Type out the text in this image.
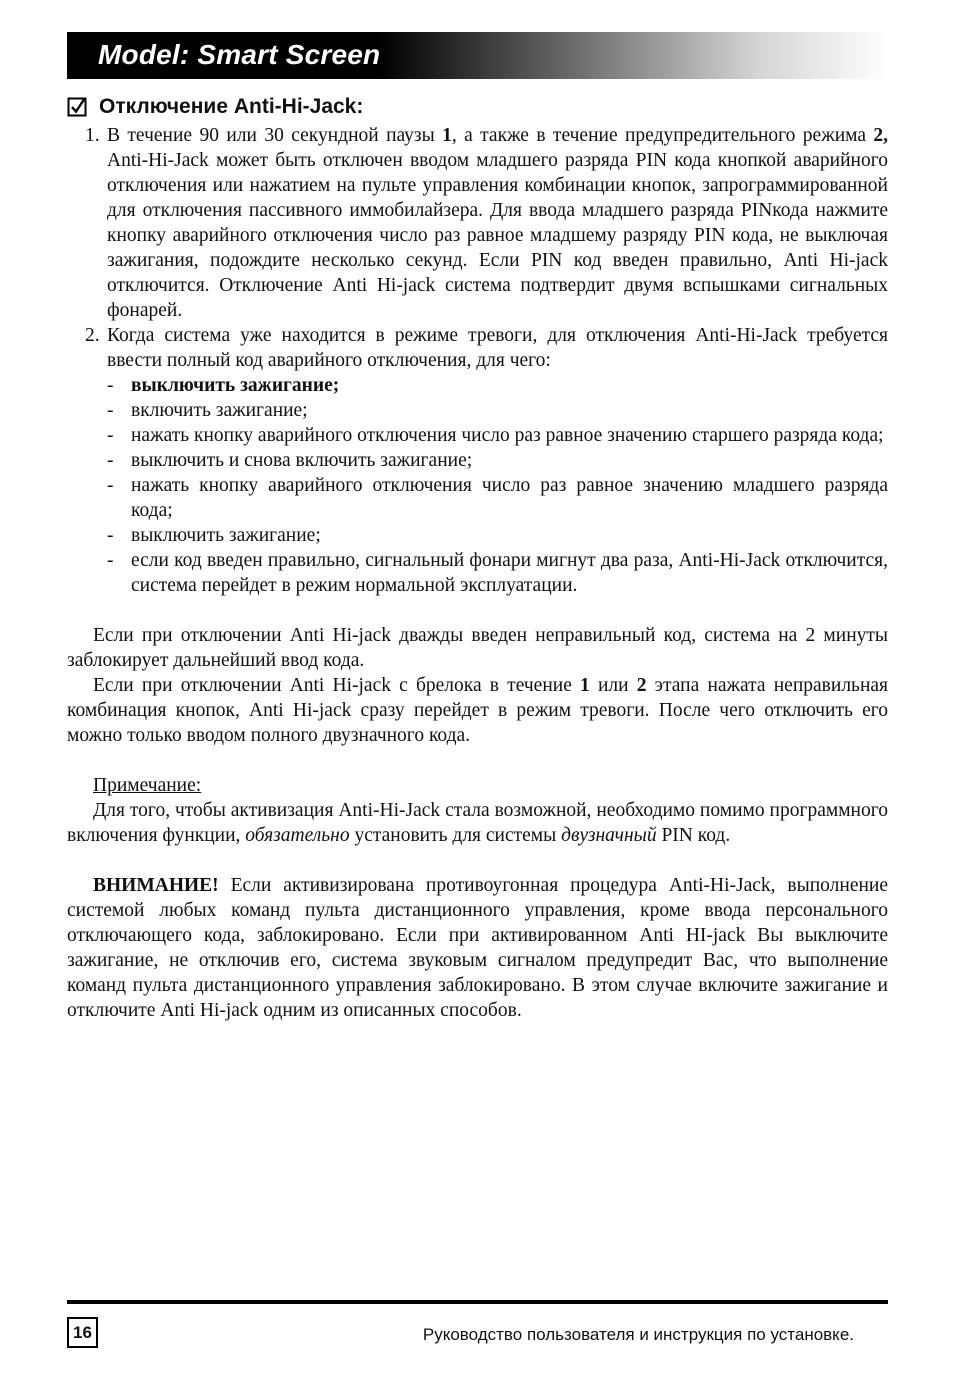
Model: Smart Screen
Отключение Anti-Hi-Jack:

1. В течение 90 или 30 секундной паузы 1, а также в течение предупредительного режима 2, Anti-Hi-Jack может быть отключен вводом младшего разряда PIN кода кнопкой аварийного отключения или нажатием на пульте управления комбинации кнопок, запрограммированной для отключения пассивного иммобилайзера. Для ввода младшего разряда PINкода нажмите кнопку аварийного отключения число раз равное младшему разряду PIN кода, не выключая зажигания, подождите несколько секунд. Если PIN код введен правильно, Anti Hi-jack отключится. Отключение Anti Hi-jack система подтвердит двумя вспышками сигнальных фонарей.

2. Когда система уже находится в режиме тревоги, для отключения Anti-Hi-Jack требуется ввести полный код аварийного отключения, для чего:

- выключить зажигание;

- включить зажигание;

- нажать кнопку аварийного отключения число раз равное значению старшего разряда кода;

- выключить и снова включить зажигание;

- нажать кнопку аварийного отключения число раз равное значению младшего разряда кода;

- выключить зажигание;

- если код введен правильно, сигнальный фонари мигнут два раза, Anti-Hi-Jack отключится, система перейдет в режим нормальной эксплуатации.

Если при отключении Anti Hi-jack дважды введен неправильный код, система на 2 минуты заблокирует дальнейший ввод кода.

Если при отключении Anti Hi-jack с брелока в течение 1 или 2 этапа нажата неправильная комбинация кнопок, Anti Hi-jack сразу перейдет в режим тревоги. После чего отключить его можно только вводом полного двузначного кода.

Примечание:

Для того, чтобы активизация Anti-Hi-Jack стала возможной, необходимо помимо программного включения функции, обязательно установить для системы двузначный PIN код.

ВНИМАНИЕ! Если активизирована противоугонная процедура Anti-Hi-Jack, выполнение системой любых команд пульта дистанционного управления, кроме ввода персонального отключающего кода, заблокировано. Если при активированном Anti HI-jack Вы выключите зажигание, не отключив его, система звуковым сигналом предупредит Вас, что выполнение команд пульта дистанционного управления заблокировано. В этом случае включите зажигание и отключите Anti Hi-jack одним из описанных способов.

16	Руководство пользователя и инструкция по установке.
